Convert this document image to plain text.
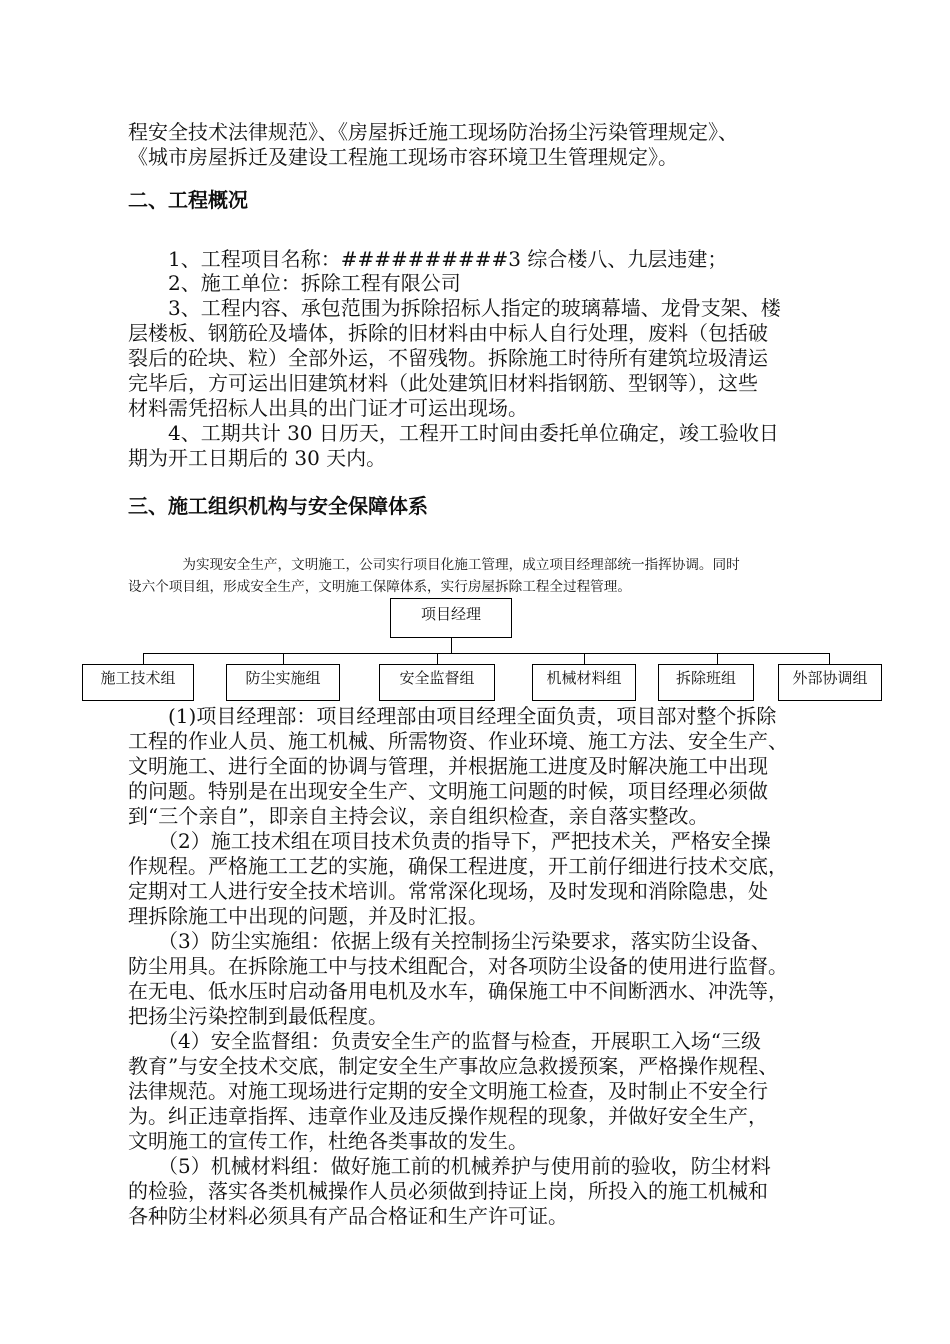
程安全技术法律规范》、《房屋拆迁施工现场防治扬尘污染管理规定》、

《城市房屋拆迁及建设工程施工现场市容环境卫生管理规定》。

二、工程概况

　　1、工程项目名称：##########3 综合楼八、九层违建；

　　2、施工单位：拆除工程有限公司

　　3、工程内容、承包范围为拆除招标人指定的玻璃幕墙、龙骨支架、楼

层楼板、钢筋砼及墙体，拆除的旧材料由中标人自行处理，废料（包括破

裂后的砼块、粒）全部外运，不留残物。拆除施工时待所有建筑垃圾清运

完毕后，方可运出旧建筑材料（此处建筑旧材料指钢筋、型钢等），这些

材料需凭招标人出具的出门证才可运出现场。

　　4、工期共计 30 日历天，工程开工时间由委托单位确定，竣工验收日

期为开工日期后的 30 天内。

三、施工组织机构与安全保障体系

　　　　为实现安全生产，文明施工，公司实行项目化施工管理，成立项目经理部统一指挥协调。同时

设六个项目组，形成安全生产，文明施工保障体系，实行房屋拆除工程全过程管理。

项目经理
施工技术组	防尘实施组	安全监督组	机械材料组	拆除班组	外部协调组

　　(1)项目经理部：项目经理部由项目经理全面负责，项目部对整个拆除

工程的作业人员、施工机械、所需物资、作业环境、施工方法、安全生产、

文明施工、进行全面的协调与管理，并根据施工进度及时解决施工中出现

的问题。特别是在出现安全生产、文明施工问题的时候，项目经理必须做

到“三个亲自”，即亲自主持会议，亲自组织检查，亲自落实整改。

　　（2）施工技术组在项目技术负责的指导下，严把技术关，严格安全操

作规程。严格施工工艺的实施，确保工程进度，开工前仔细进行技术交底，

定期对工人进行安全技术培训。常常深化现场，及时发现和消除隐患，处

理拆除施工中出现的问题，并及时汇报。

　　（3）防尘实施组：依据上级有关控制扬尘污染要求，落实防尘设备、

防尘用具。在拆除施工中与技术组配合，对各项防尘设备的使用进行监督。

在无电、低水压时启动备用电机及水车，确保施工中不间断洒水、冲洗等，

把扬尘污染控制到最低程度。

　　（4）安全监督组：负责安全生产的监督与检查，开展职工入场“三级

教育”与安全技术交底，制定安全生产事故应急救援预案，严格操作规程、

法律规范。对施工现场进行定期的安全文明施工检查，及时制止不安全行

为。纠正违章指挥、违章作业及违反操作规程的现象，并做好安全生产，

文明施工的宣传工作，杜绝各类事故的发生。

　　（5）机械材料组：做好施工前的机械养护与使用前的验收，防尘材料

的检验，落实各类机械操作人员必须做到持证上岗，所投入的施工机械和

各种防尘材料必须具有产品合格证和生产许可证。
